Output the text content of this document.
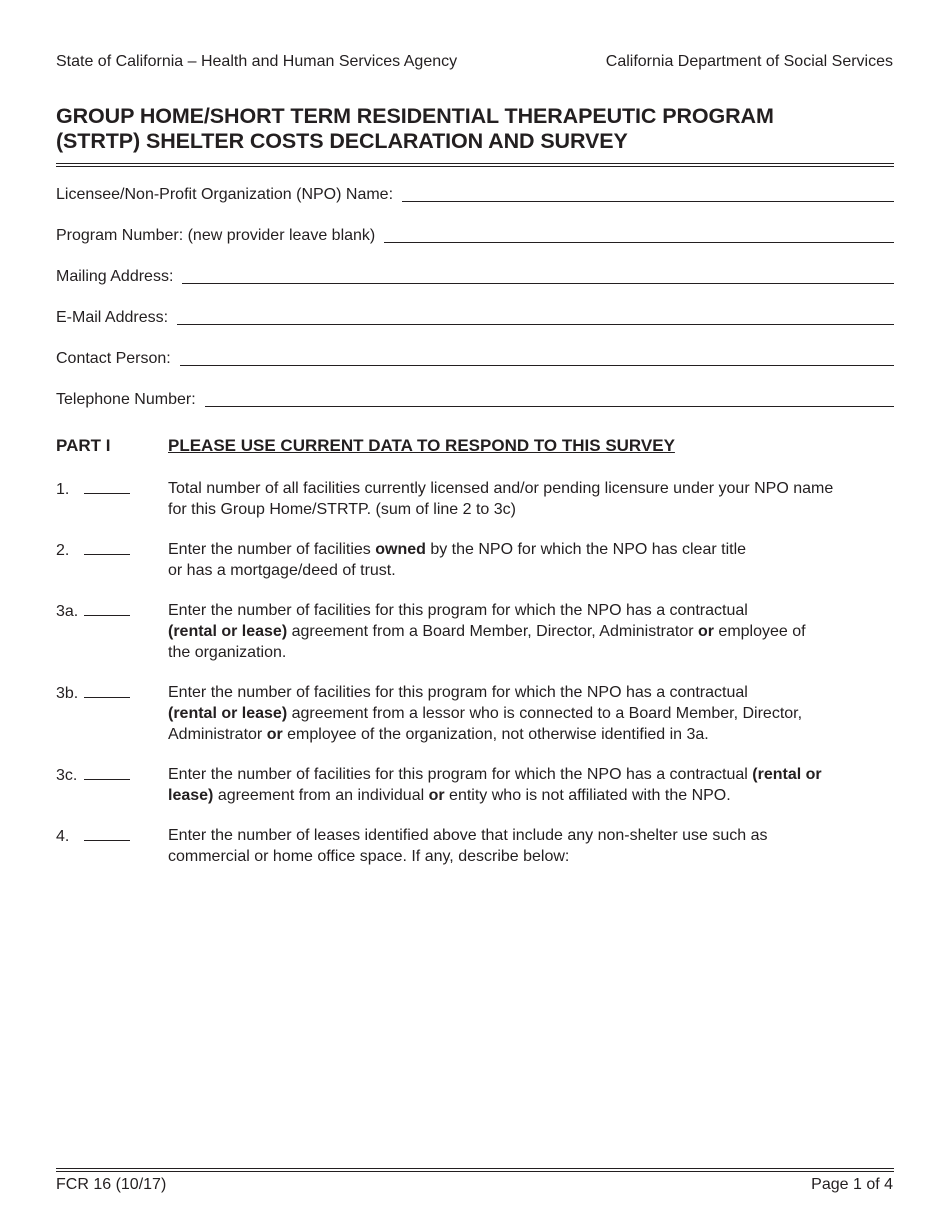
State of California – Health and Human Services Agency	California Department of Social Services
GROUP HOME/SHORT TERM RESIDENTIAL THERAPEUTIC PROGRAM
(STRTP) SHELTER COSTS DECLARATION AND SURVEY
Licensee/Non-Profit Organization (NPO) Name:
Program Number: (new provider leave blank)
Mailing Address:
E-Mail Address:
Contact Person:
Telephone Number:
PART I	PLEASE USE CURRENT DATA TO RESPOND TO THIS SURVEY
1.	Total number of all facilities currently licensed and/or pending licensure under your NPO name
for this Group Home/STRTP. (sum of line 2 to 3c)
2.	Enter the number of facilities owned by the NPO for which the NPO has clear title
or has a mortgage/deed of trust.
3a.	Enter the number of facilities for this program for which the NPO has a contractual
(rental or lease) agreement from a Board Member, Director, Administrator or employee of
the organization.
3b.	Enter the number of facilities for this program for which the NPO has a contractual
(rental or lease) agreement from a lessor who is connected to a Board Member, Director,
Administrator or employee of the organization, not otherwise identified in 3a.
3c.	Enter the number of facilities for this program for which the NPO has a contractual (rental or
lease) agreement from an individual or entity who is not affiliated with the NPO.
4.	Enter the number of leases identified above that include any non-shelter use such as
commercial or home office space. If any, describe below:
FCR 16 (10/17)	Page 1 of 4
